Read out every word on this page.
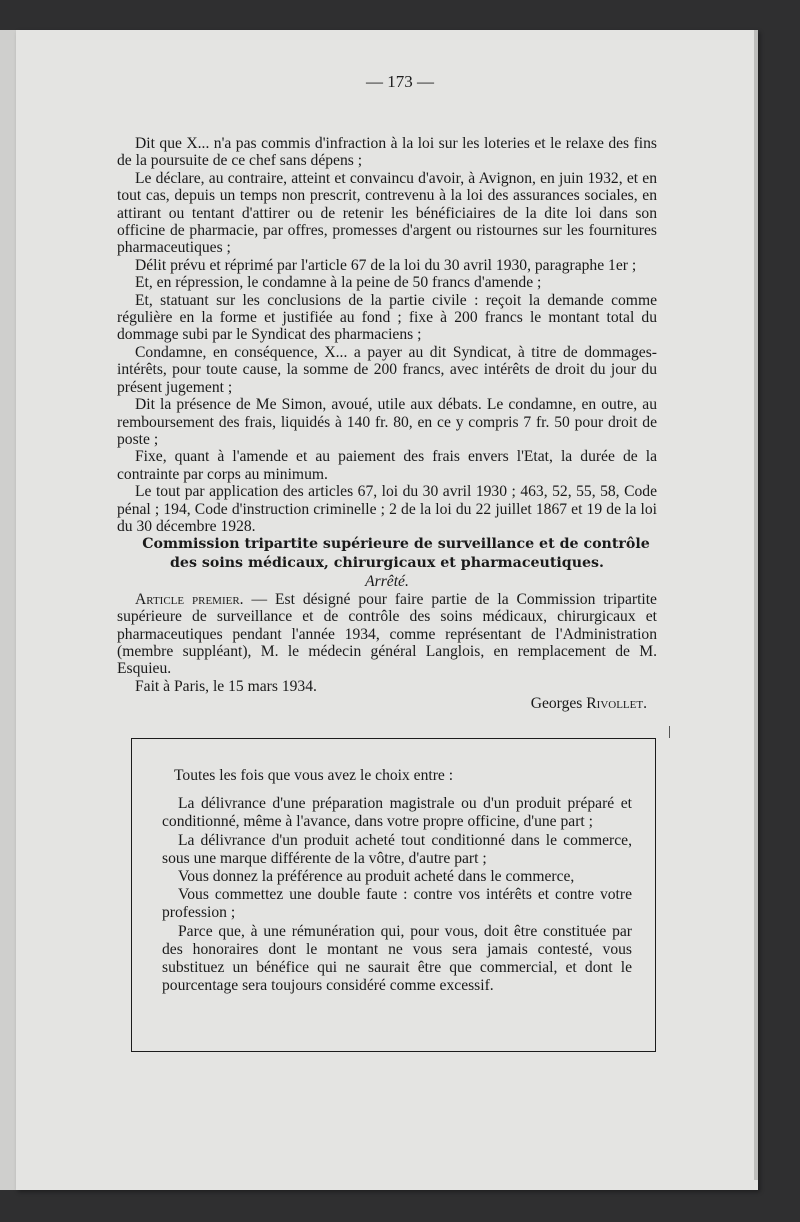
— 173 —

Dit que X... n'a pas commis d'infraction à la loi sur les loteries et le relaxe des fins de la poursuite de ce chef sans dépens ;

Le déclare, au contraire, atteint et convaincu d'avoir, à Avignon, en juin 1932, et en tout cas, depuis un temps non prescrit, contrevenu à la loi des assurances sociales, en attirant ou tentant d'attirer ou de retenir les bénéficiaires de la dite loi dans son officine de pharmacie, par offres, promesses d'argent ou ristournes sur les fournitures pharmaceutiques ;

Délit prévu et réprimé par l'article 67 de la loi du 30 avril 1930, paragraphe 1er ;

Et, en répression, le condamne à la peine de 50 francs d'amende ;

Et, statuant sur les conclusions de la partie civile : reçoit la demande comme régulière en la forme et justifiée au fond ; fixe à 200 francs le montant total du dommage subi par le Syndicat des pharmaciens ;

Condamne, en conséquence, X... a payer au dit Syndicat, à titre de dommages-intérêts, pour toute cause, la somme de 200 francs, avec intérêts de droit du jour du présent jugement ;

Dit la présence de Me Simon, avoué, utile aux débats. Le condamne, en outre, au remboursement des frais, liquidés à 140 fr. 80, en ce y compris 7 fr. 50 pour droit de poste ;

Fixe, quant à l'amende et au paiement des frais envers l'Etat, la durée de la contrainte par corps au minimum.

Le tout par application des articles 67, loi du 30 avril 1930 ; 463, 52, 55, 58, Code pénal ; 194, Code d'instruction criminelle ; 2 de la loi du 22 juillet 1867 et 19 de la loi du 30 décembre 1928.

Commission tripartite supérieure de surveillance et de contrôle des soins médicaux, chirurgicaux et pharmaceutiques.

Arrêté.

Article premier. — Est désigné pour faire partie de la Commission tripartite supérieure de surveillance et de contrôle des soins médicaux, chirurgicaux et pharmaceutiques pendant l'année 1934, comme représentant de l'Administration (membre suppléant), M. le médecin général Langlois, en remplacement de M. Esquieu.

Fait à Paris, le 15 mars 1934.

Georges Rivollet.

Toutes les fois que vous avez le choix entre :

La délivrance d'une préparation magistrale ou d'un produit préparé et conditionné, même à l'avance, dans votre propre officine, d'une part ;

La délivrance d'un produit acheté tout conditionné dans le commerce, sous une marque différente de la vôtre, d'autre part ;

Vous donnez la préférence au produit acheté dans le commerce,

Vous commettez une double faute : contre vos intérêts et contre votre profession ;

Parce que, à une rémunération qui, pour vous, doit être constituée par des honoraires dont le montant ne vous sera jamais contesté, vous substituez un bénéfice qui ne saurait être que commercial, et dont le pourcentage sera toujours considéré comme excessif.
